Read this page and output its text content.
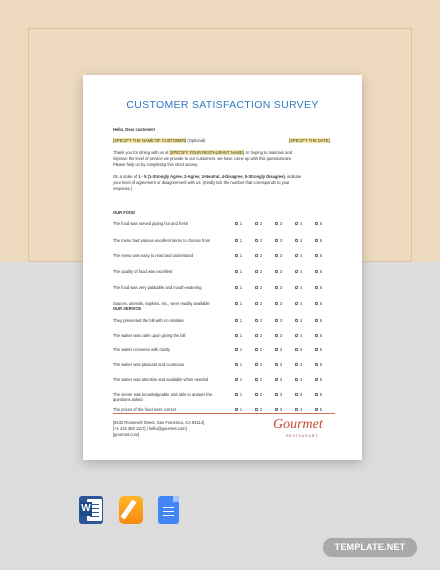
CUSTOMER SATISFACTION SURVEY
Hello, Dear customer!
[SPECIFY THE NAME OF CUSTOMER] (Optional)	[SPECIFY THE DATE]
Thank you for dining with us at [SPECIFY YOUR RESTAURANT NAME]. In hoping to maintain and
improve the level of service we provide to our customers, we have come up with this questionnaire.
Please help us by completing this short survey.
On a scale of 1 - 5 (1-Strongly Agree, 2-Agree, 3-Neutral, 4-Disagree, 5-Strongly Disagree), indicate
your level of agreement or disagreement with us. (Kindly tick the number that corresponds to your
response.)
OUR FOOD
The food was served piping hot and fresh	1	2	3	4	5
The menu had various excellent items to choose from	1	2	3	4	5
The menu was easy to read and understand	1	2	3	4	5
The quality of food was excellent	1	2	3	4	5
The food was very palatable and mouth-watering	1	2	3	4	5
Sauces, utensils, napkins, etc., were readily available	1	2	3	4	5
OUR SERVICE
They presented the bill with no mistake	1	2	3	4	5
The waiter was calm upon giving the bill	1	2	3	4	5
The waiter converse with clarity	1	2	3	4	5
The waiter was pleasant and courteous	1	2	3	4	5
The waiter was attentive and available when needed	1	2	3	4	5
The server was knowledgeable and able to answer the
questions asked
1	2	3	4	5
The prices of the food were correct	1	2	3	4	5
[8432 Roosevelt Street, San Francisco, CA 94114]
[+1 415 359 1117] | hello@gourmet.com]
[gourmet.com]
Gourmet
RESTAURANT
W
TEMPLATE.NET
